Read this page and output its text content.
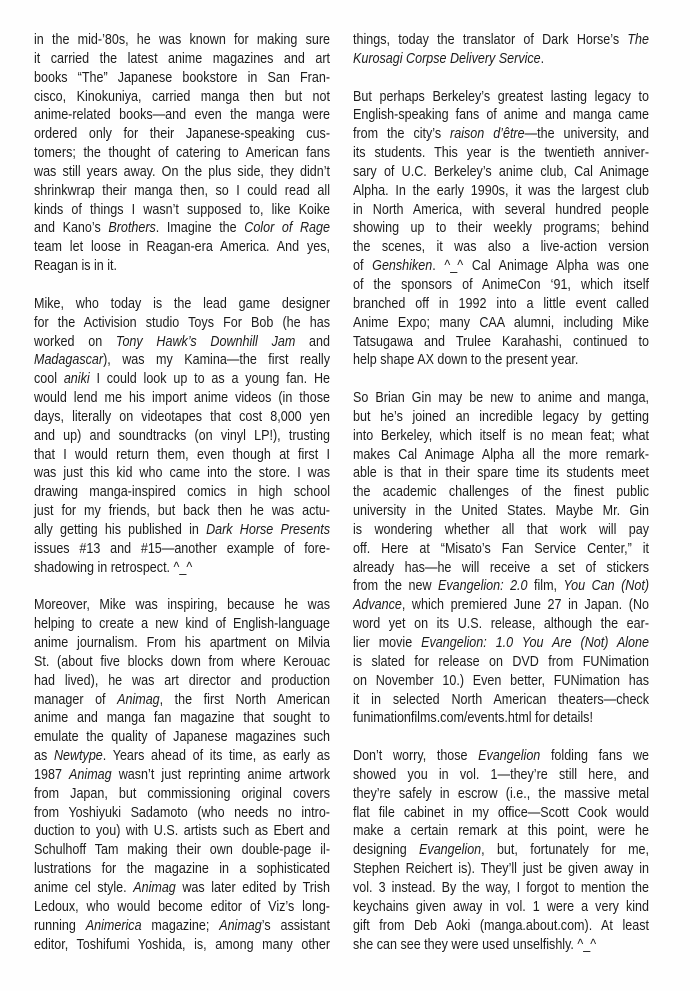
in the mid-’80s, he was known for making sure
it carried the latest anime magazines and art
books “The” Japanese bookstore in San Fran-
cisco, Kinokuniya, carried manga then but not
anime-related books—and even the manga were
ordered only for their Japanese-speaking cus-
tomers; the thought of catering to American fans
was still years away. On the plus side, they didn’t
shrinkwrap their manga then, so I could read all
kinds of things I wasn’t supposed to, like Koike
and Kano’s Brothers. Imagine the Color of Rage
team let loose in Reagan-era America. And yes,
Reagan is in it.
Mike, who today is the lead game designer
for the Activision studio Toys For Bob (he has
worked on Tony Hawk’s Downhill Jam and
Madagascar), was my Kamina—the first really
cool aniki I could look up to as a young fan. He
would lend me his import anime videos (in those
days, literally on videotapes that cost 8,000 yen
and up) and soundtracks (on vinyl LP!), trusting
that I would return them, even though at first I
was just this kid who came into the store. I was
drawing manga-inspired comics in high school
just for my friends, but back then he was actu-
ally getting his published in Dark Horse Presents
issues #13 and #15—another example of fore-
shadowing in retrospect. ^_^
Moreover, Mike was inspiring, because he was
helping to create a new kind of English-language
anime journalism. From his apartment on Milvia
St. (about five blocks down from where Kerouac
had lived), he was art director and production
manager of Animag, the first North American
anime and manga fan magazine that sought to
emulate the quality of Japanese magazines such
as Newtype. Years ahead of its time, as early as
1987 Animag wasn’t just reprinting anime artwork
from Japan, but commissioning original covers
from Yoshiyuki Sadamoto (who needs no intro-
duction to you) with U.S. artists such as Ebert and
Schulhoff Tam making their own double-page il-
lustrations for the magazine in a sophisticated
anime cel style. Animag was later edited by Trish
Ledoux, who would become editor of Viz’s long-
running Animerica magazine; Animag’s assistant
editor, Toshifumi Yoshida, is, among many other
things, today the translator of Dark Horse’s The
Kurosagi Corpse Delivery Service.
But perhaps Berkeley’s greatest lasting legacy to
English-speaking fans of anime and manga came
from the city’s raison d’être—the university, and
its students. This year is the twentieth anniver-
sary of U.C. Berkeley’s anime club, Cal Animage
Alpha. In the early 1990s, it was the largest club
in North America, with several hundred people
showing up to their weekly programs; behind
the scenes, it was also a live-action version
of Genshiken. ^_^ Cal Animage Alpha was one
of the sponsors of AnimeCon ‘91, which itself
branched off in 1992 into a little event called
Anime Expo; many CAA alumni, including Mike
Tatsugawa and Trulee Karahashi, continued to
help shape AX down to the present year.
So Brian Gin may be new to anime and manga,
but he’s joined an incredible legacy by getting
into Berkeley, which itself is no mean feat; what
makes Cal Animage Alpha all the more remark-
able is that in their spare time its students meet
the academic challenges of the finest public
university in the United States. Maybe Mr. Gin
is wondering whether all that work will pay
off. Here at “Misato’s Fan Service Center,” it
already has—he will receive a set of stickers
from the new Evangelion: 2.0 film, You Can (Not)
Advance, which premiered June 27 in Japan. (No
word yet on its U.S. release, although the ear-
lier movie Evangelion: 1.0 You Are (Not) Alone
is slated for release on DVD from FUNimation
on November 10.) Even better, FUNimation has
it in selected North American theaters—check
funimationfilms.com/events.html for details!
Don’t worry, those Evangelion folding fans we
showed you in vol. 1—they’re still here, and
they’re safely in escrow (i.e., the massive metal
flat file cabinet in my office—Scott Cook would
make a certain remark at this point, were he
designing Evangelion, but, fortunately for me,
Stephen Reichert is). They’ll just be given away in
vol. 3 instead. By the way, I forgot to mention the
keychains given away in vol. 1 were a very kind
gift from Deb Aoki (manga.about.com). At least
she can see they were used unselfishly. ^_^
